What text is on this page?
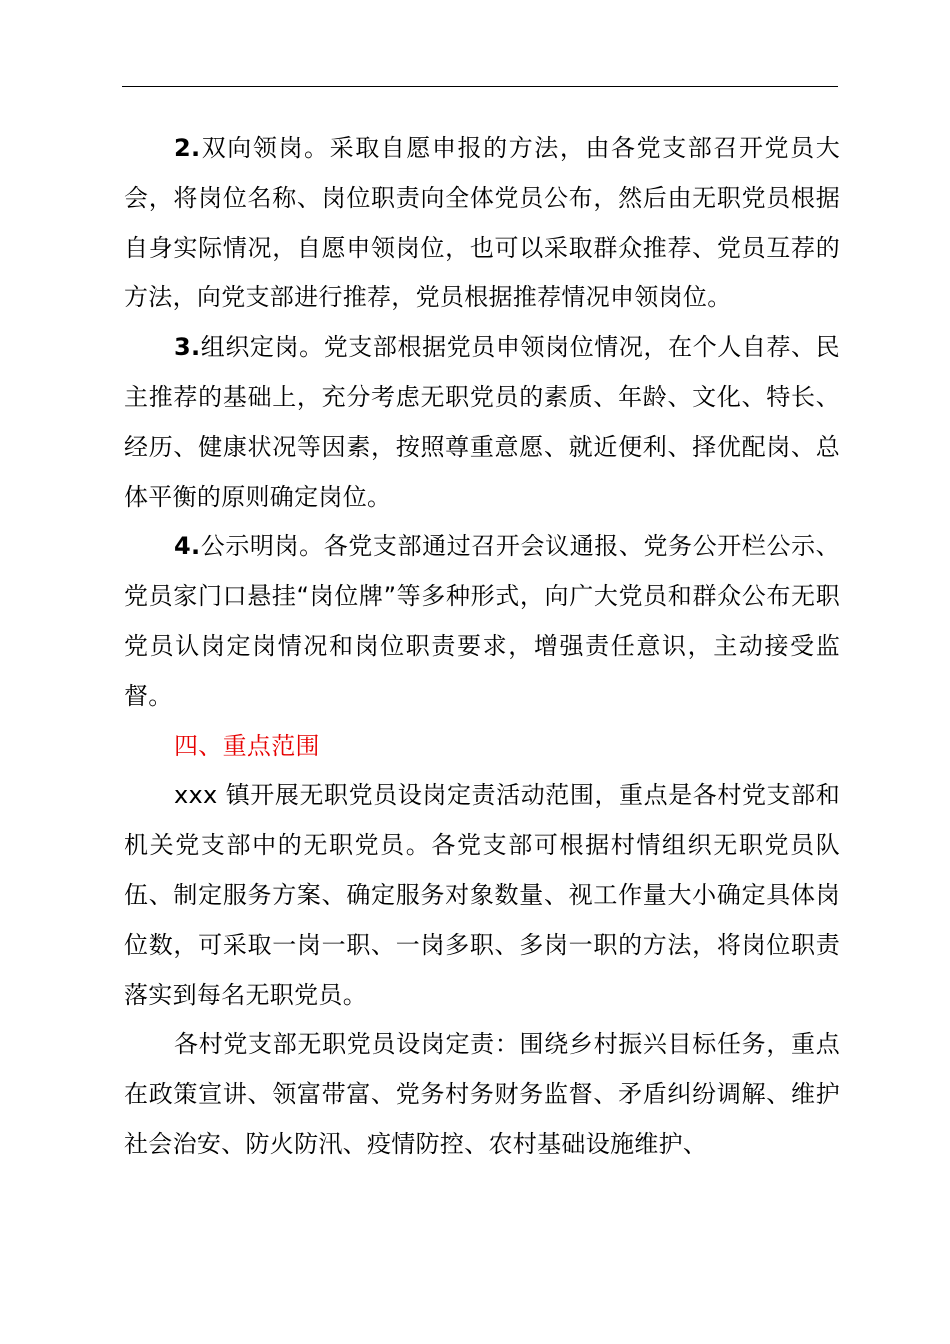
2.双向领岗。采取自愿申报的方法，由各党支部召开党员大会，将岗位名称、岗位职责向全体党员公布，然后由无职党员根据自身实际情况，自愿申领岗位，也可以采取群众推荐、党员互荐的方法，向党支部进行推荐，党员根据推荐情况申领岗位。

3.组织定岗。党支部根据党员申领岗位情况，在个人自荐、民主推荐的基础上，充分考虑无职党员的素质、年龄、文化、特长、经历、健康状况等因素，按照尊重意愿、就近便利、择优配岗、总体平衡的原则确定岗位。

4.公示明岗。各党支部通过召开会议通报、党务公开栏公示、党员家门口悬挂“岗位牌”等多种形式，向广大党员和群众公布无职党员认岗定岗情况和岗位职责要求，增强责任意识，主动接受监督。

四、重点范围

xxx 镇开展无职党员设岗定责活动范围，重点是各村党支部和机关党支部中的无职党员。各党支部可根据村情组织无职党员队伍、制定服务方案、确定服务对象数量、视工作量大小确定具体岗位数，可采取一岗一职、一岗多职、多岗一职的方法，将岗位职责落实到每名无职党员。

各村党支部无职党员设岗定责：围绕乡村振兴目标任务，重点在政策宣讲、领富带富、党务村务财务监督、矛盾纠纷调解、维护社会治安、防火防汛、疫情防控、农村基础设施维护、
